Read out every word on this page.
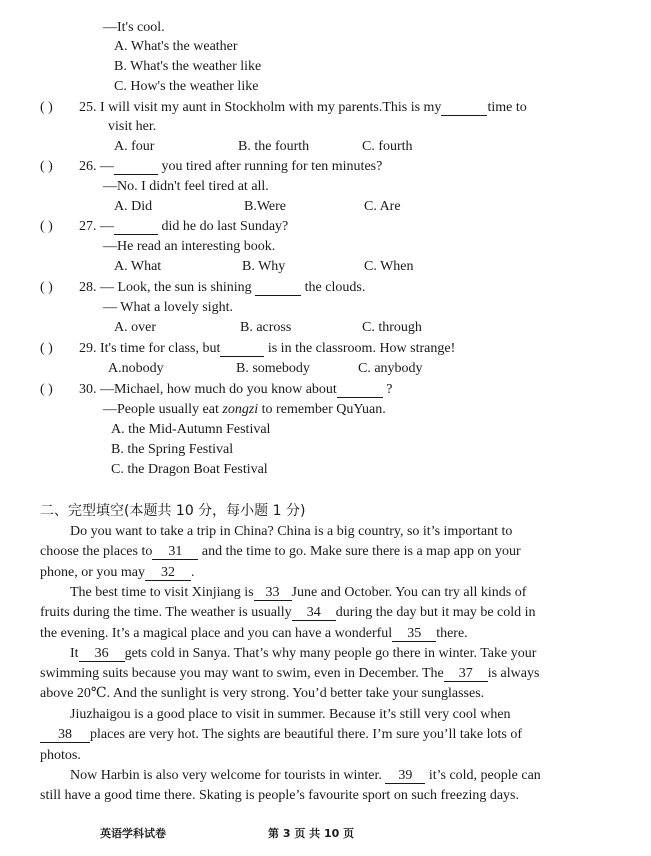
—It's cool.
A. What's the weather
B. What's the weather like
C. How's the weather like
( ) 25. I will visit my aunt in Stockholm with my parents.This is my	time to
visit her.
A. four	B. the fourth	C. fourth
( ) 26. —	you tired after running for ten minutes?
—No. I didn't feel tired at all.
A. Did	B.Were	C. Are
( ) 27. —	did he do last Sunday?
—He read an interesting book.
A. What	B. Why	C. When
( ) 28. — Look, the sun is shining	the clouds.
— What a lovely sight.
A. over	B. across	C. through
( ) 29. It's time for class, but	is in the classroom. How strange!
A.nobody	B. somebody	C. anybody
( ) 30. —Michael, how much do you know about	?
—People usually eat zongzi to remember QuYuan.
A. the Mid-Autumn Festival
B. the Spring Festival
C. the Dragon Boat Festival
二、完型填空(本题共 10 分，每小题 1 分)
Do you want to take a trip in China? China is a big country, so it’s important to
choose the places to 31 and the time to go. Make sure there is a map app on your
phone, or you may 32 .
The best time to visit Xinjiang is 33 June and October. You can try all kinds of
fruits during the time. The weather is usually 34 during the day but it may be cold in
the evening. It’s a magical place and you can have a wonderful 35 there.
It 36 gets cold in Sanya. That’s why many people go there in winter. Take your
swimming suits because you may want to swim, even in December. The 37 is always
above 20℃. And the sunlight is very strong. You’d better take your sunglasses.
Jiuzhaigou is a good place to visit in summer. Because it’s still very cool when
38 places are very hot. The sights are beautiful there. I’m sure you’ll take lots of
photos.
Now Harbin is also very welcome for tourists in winter. 39 it’s cold, people can
still have a good time there. Skating is people’s favourite sport on such freezing days.
英语学科试卷	第 3 页 共 10 页
